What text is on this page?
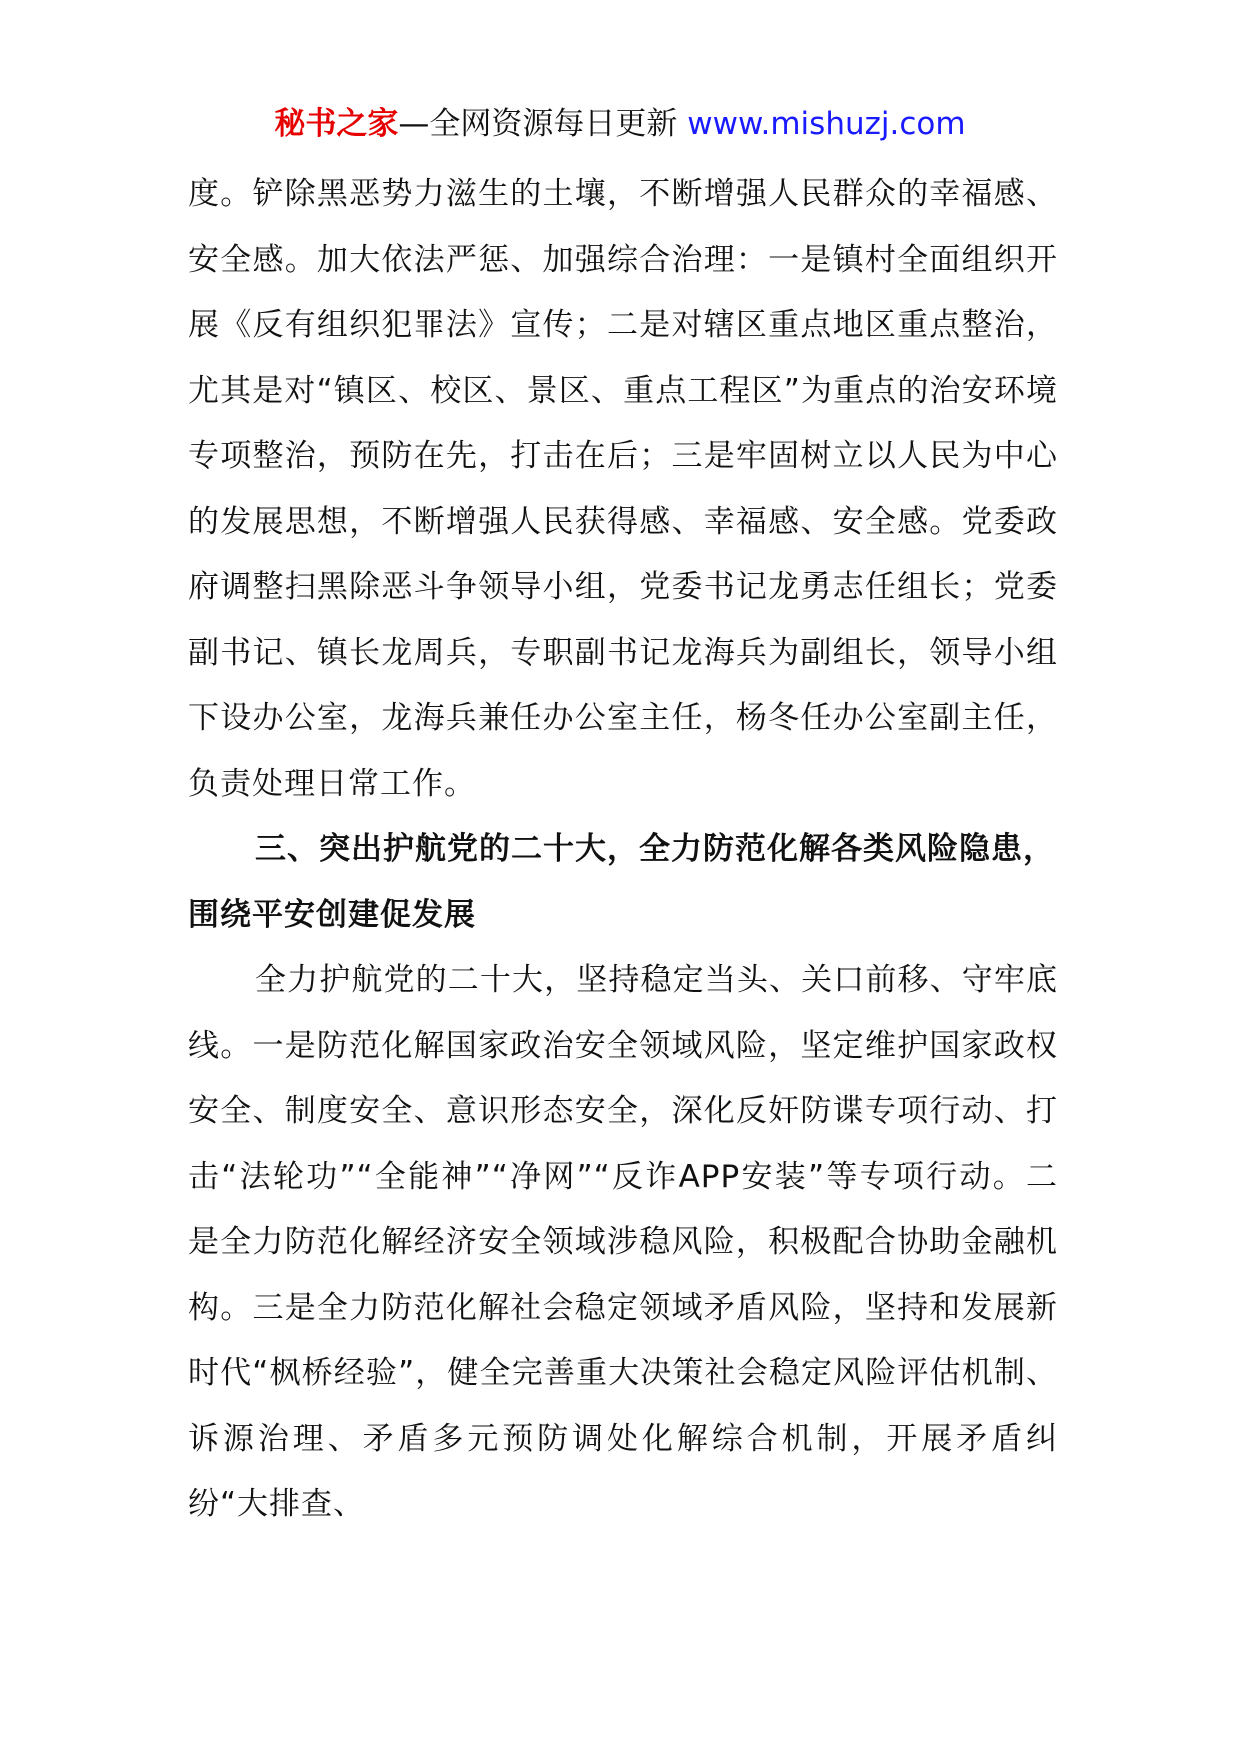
秘书之家—全网资源每日更新 www.mishuzj.com

度。铲除黑恶势力滋生的土壤，不断增强人民群众的幸福感、安全感。加大依法严惩、加强综合治理：一是镇村全面组织开展《反有组织犯罪法》宣传；二是对辖区重点地区重点整治，尤其是对“镇区、校区、景区、重点工程区”为重点的治安环境专项整治，预防在先，打击在后；三是牢固树立以人民为中心的发展思想，不断增强人民获得感、幸福感、安全感。党委政府调整扫黑除恶斗争领导小组，党委书记龙勇志任组长；党委副书记、镇长龙周兵，专职副书记龙海兵为副组长，领导小组下设办公室，龙海兵兼任办公室主任，杨冬任办公室副主任，负责处理日常工作。

三、突出护航党的二十大，全力防范化解各类风险隐患，围绕平安创建促发展

全力护航党的二十大，坚持稳定当头、关口前移、守牢底线。一是防范化解国家政治安全领域风险，坚定维护国家政权安全、制度安全、意识形态安全，深化反奸防谍专项行动、打击“法轮功”“全能神”“净网”“反诈APP安装”等专项行动。二是全力防范化解经济安全领域涉稳风险，积极配合协助金融机构。三是全力防范化解社会稳定领域矛盾风险，坚持和发展新时代“枫桥经验”，健全完善重大决策社会稳定风险评估机制、诉源治理、矛盾多元预防调处化解综合机制，开展矛盾纠纷“大排查、
